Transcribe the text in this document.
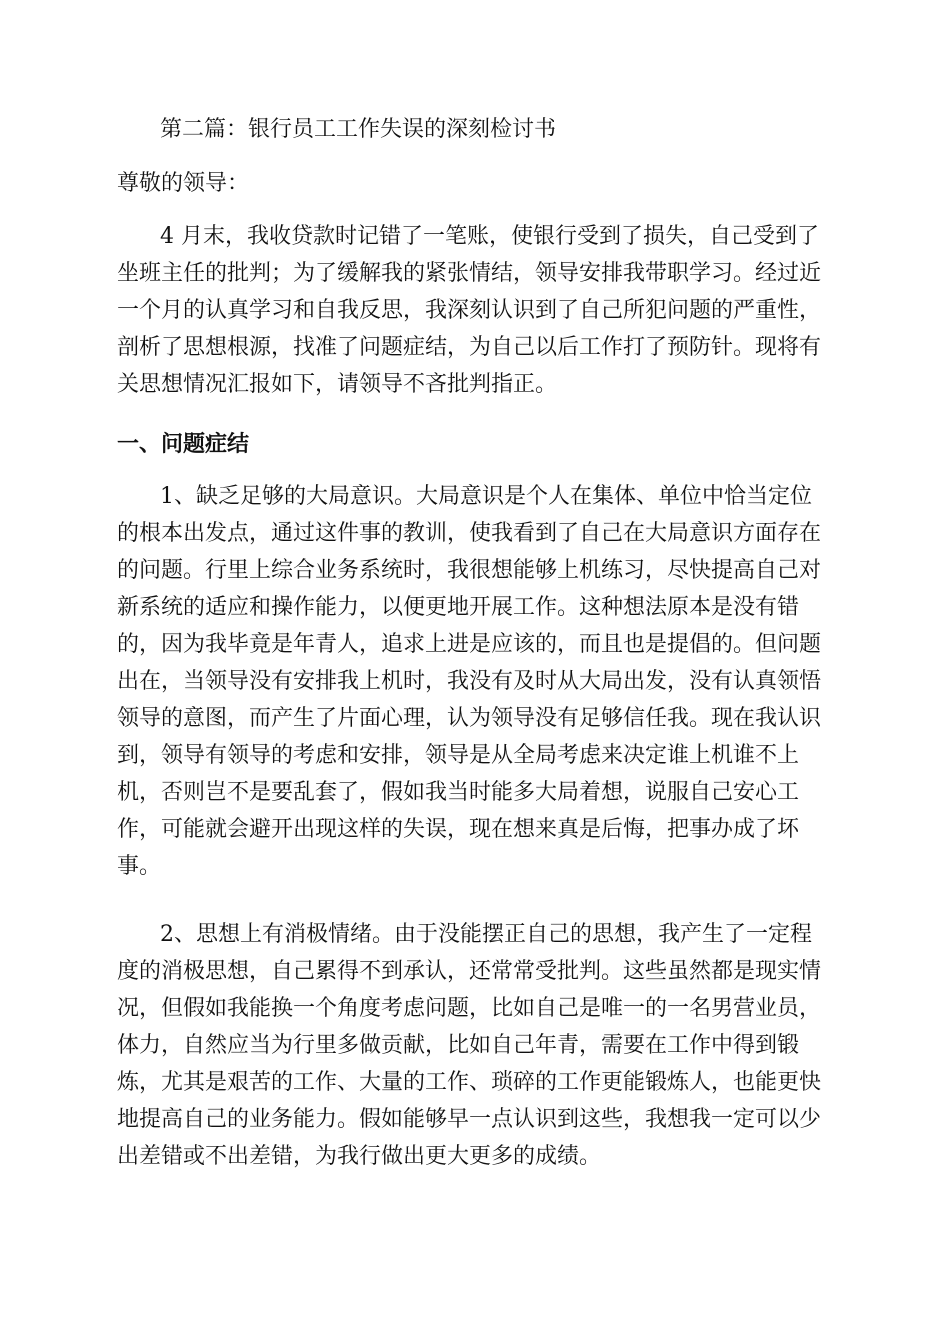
第二篇：银行员工工作失误的深刻检讨书
尊敬的领导：
4 月末，我收贷款时记错了一笔账，使银行受到了损失，自己受到了
坐班主任的批判；为了缓解我的紧张情结，领导安排我带职学习。经过近
一个月的认真学习和自我反思，我深刻认识到了自己所犯问题的严重性，
剖析了思想根源，找准了问题症结，为自己以后工作打了预防针。现将有
关思想情况汇报如下，请领导不吝批判指正。
一、问题症结
1、缺乏足够的大局意识。大局意识是个人在集体、单位中恰当定位
的根本出发点，通过这件事的教训，使我看到了自己在大局意识方面存在
的问题。行里上综合业务系统时，我很想能够上机练习，尽快提高自己对
新系统的适应和操作能力，以便更地开展工作。这种想法原本是没有错
的，因为我毕竟是年青人，追求上进是应该的，而且也是提倡的。但问题
出在，当领导没有安排我上机时，我没有及时从大局出发，没有认真领悟
领导的意图，而产生了片面心理，认为领导没有足够信任我。现在我认识
到，领导有领导的考虑和安排，领导是从全局考虑来决定谁上机谁不上
机，否则岂不是要乱套了，假如我当时能多大局着想，说服自己安心工
作，可能就会避开出现这样的失误，现在想来真是后悔，把事办成了坏
事。
2、思想上有消极情绪。由于没能摆正自己的思想，我产生了一定程
度的消极思想，自己累得不到承认，还常常受批判。这些虽然都是现实情
况，但假如我能换一个角度考虑问题，比如自己是唯一的一名男营业员，
体力，自然应当为行里多做贡献，比如自己年青，需要在工作中得到锻
炼，尤其是艰苦的工作、大量的工作、琐碎的工作更能锻炼人，也能更快
地提高自己的业务能力。假如能够早一点认识到这些，我想我一定可以少
出差错或不出差错，为我行做出更大更多的成绩。
